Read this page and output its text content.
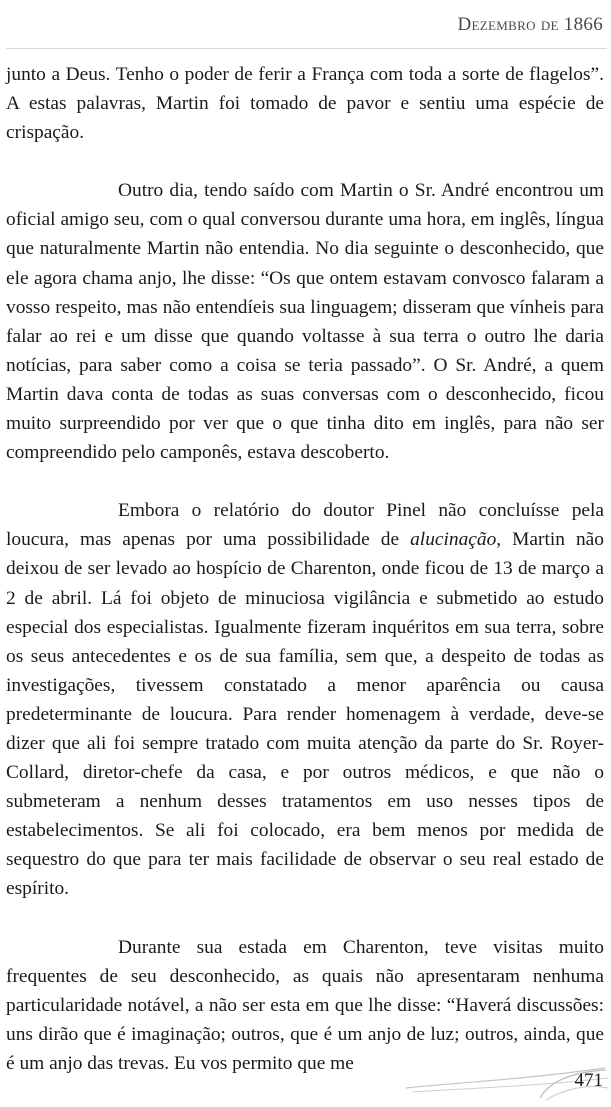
Dezembro de 1866

junto a Deus. Tenho o poder de ferir a França com toda a sorte de flagelos”. A estas palavras, Martin foi tomado de pavor e sentiu uma espécie de crispação.

Outro dia, tendo saído com Martin o Sr. André encontrou um oficial amigo seu, com o qual conversou durante uma hora, em inglês, língua que naturalmente Martin não entendia. No dia seguinte o desconhecido, que ele agora chama anjo, lhe disse: “Os que ontem estavam convosco falaram a vosso respeito, mas não entendíeis sua linguagem; disseram que vínheis para falar ao rei e um disse que quando voltasse à sua terra o outro lhe daria notícias, para saber como a coisa se teria passado”. O Sr. André, a quem Martin dava conta de todas as suas conversas com o desconhecido, ficou muito surpreendido por ver que o que tinha dito em inglês, para não ser compreendido pelo camponês, estava descoberto.

Embora o relatório do doutor Pinel não concluísse pela loucura, mas apenas por uma possibilidade de alucinação, Martin não deixou de ser levado ao hospício de Charenton, onde ficou de 13 de março a 2 de abril. Lá foi objeto de minuciosa vigilância e submetido ao estudo especial dos especialistas. Igualmente fizeram inquéritos em sua terra, sobre os seus antecedentes e os de sua família, sem que, a despeito de todas as investigações, tivessem constatado a menor aparência ou causa predeterminante de loucura. Para render homenagem à verdade, deve-se dizer que ali foi sempre tratado com muita atenção da parte do Sr. Royer-Collard, diretor-chefe da casa, e por outros médicos, e que não o submeteram a nenhum desses tratamentos em uso nesses tipos de estabelecimentos. Se ali foi colocado, era bem menos por medida de sequestro do que para ter mais facilidade de observar o seu real estado de espírito.

Durante sua estada em Charenton, teve visitas muito frequentes de seu desconhecido, as quais não apresentaram nenhuma particularidade notável, a não ser esta em que lhe disse: “Haverá discussões: uns dirão que é imaginação; outros, que é um anjo de luz; outros, ainda, que é um anjo das trevas. Eu vos permito que me

471
